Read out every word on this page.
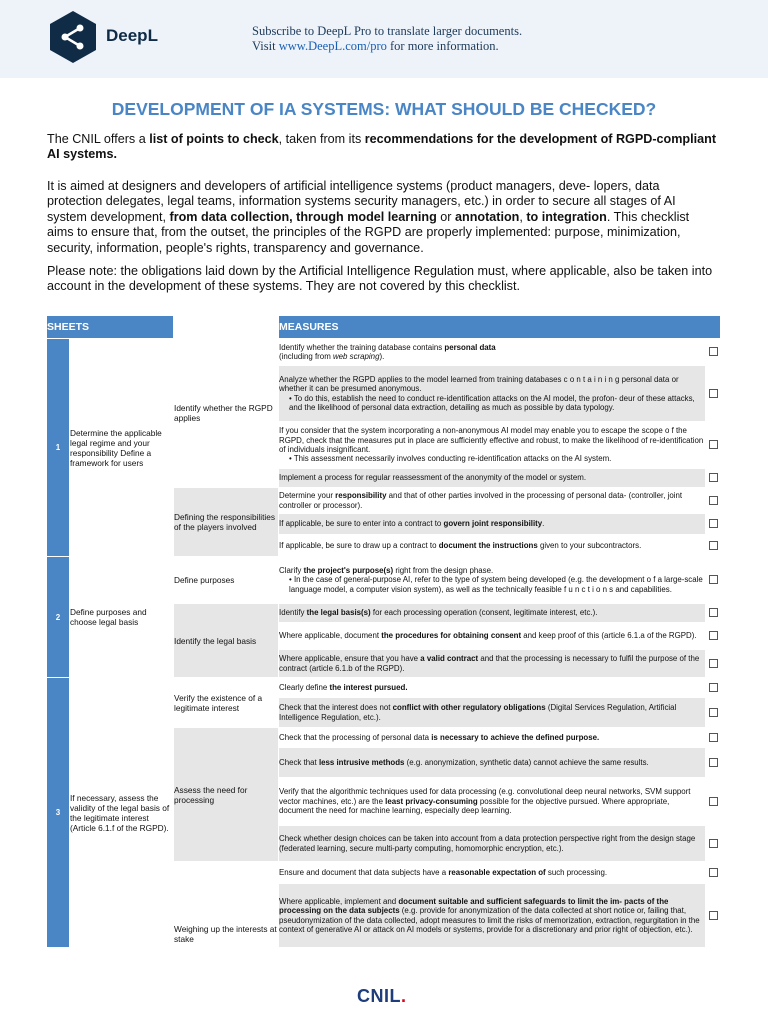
DeepL	Subscribe to DeepL Pro to translate larger documents.
Visit www.DeepL.com/pro for more information.
DEVELOPMENT OF IA SYSTEMS: WHAT SHOULD BE CHECKED?
The CNIL offers a list of points to check, taken from its recommendations for the development of RGPD-compliant AI systems.
It is aimed at designers and developers of artificial intelligence systems (product managers, deve- lopers, data protection delegates, legal teams, information systems security managers, etc.) in order to secure all stages of AI system development, from data collection, through model learning or annotation, to integration. This checklist aims to ensure that, from the outset, the principles of the RGPD are properly implemented: purpose, minimization, security, information, people's rights, transparency and governance.
Please note: the obligations laid down by the Artificial Intelligence Regulation must, where applicable, also be taken into account in the development of these systems. They are not covered by this checklist.
SHEETS			MEASURES	
1	Determine the applicable legal regime and your responsibility Define a framework for users	Identify whether the RGPD applies	Identify whether the training database contains personal data
(including from web scraping).	
			Analyze whether the RGPD applies to the model learned from training databases c o n t a i n i n g personal data or whether it can be presumed anonymous.
• To do this, establish the need to conduct re-identification attacks on the AI model, the profon- deur of these attacks, and the likelihood of personal data extraction, detailing as much as possible by data typology.	

			If you consider that the system incorporating a non-anonymous AI model may enable you to escape the scope o f the RGPD, check that the measures put in place are sufficiently effective and robust, to make the likelihood of re-identification of individuals insignificant.
• This assessment necessarily involves conducting re-identification attacks on the AI system.	

			Implement a process for regular reassessment of the anonymity of the model or system.	
		Defining the responsibilities of the players involved	Determine your responsibility and that of other parties involved in the processing of personal data- (controller, joint controller or processor).	
			If applicable, be sure to enter into a contract to govern joint responsibility.	
			If applicable, be sure to draw up a contract to document the instructions given to your subcontractors.	
2	Define purposes and choose legal basis	Define purposes	Clarify the project's purpose(s) right from the design phase.
• In the case of general-purpose AI, refer to the type of system being developed (e.g. the development o f a large-scale language model, a computer vision system), as well as the technically feasible f u n c t i o n s and capabilities.	

		Identify the legal basis	Identify the legal basis(s) for each processing operation (consent, legitimate interest, etc.).	
			Where applicable, document the procedures for obtaining consent and keep proof of this (article 6.1.a of the RGPD).	
			Where applicable, ensure that you have a valid contract and that the processing is necessary to fulfil the purpose of the contract (article 6.1.b of the RGPD).	
3	If necessary, assess the validity of the legal basis of the legitimate interest (Article 6.1.f of the RGPD).	Verify the existence of a legitimate interest	Clearly define the interest pursued.	
			Check that the interest does not conflict with other regulatory obligations (Digital Services Regulation, Artificial Intelligence Regulation, etc.).	
		Assess the need for processing	Check that the processing of personal data is necessary to achieve the defined purpose.	
			Check that less intrusive methods (e.g. anonymization, synthetic data) cannot achieve the same results.	
			Verify that the algorithmic techniques used for data processing (e.g. convolutional deep neural networks, SVM support vector machines, etc.) are the least privacy-consuming possible for the objective pursued. Where appropriate, document the need for machine learning, especially deep learning.	
			Check whether design choices can be taken into account from a data protection perspective right from the design stage (federated learning, secure multi-party computing, homomorphic encryption, etc.).	
		Weighing up the interests at stake	Ensure and document that data subjects have a reasonable expectation of such processing.	
			Where applicable, implement and document suitable and sufficient safeguards to limit the im- pacts of the processing on the data subjects (e.g. provide for anonymization of the data collected at short notice or, failing that, pseudonymization of the data collected, adopt measures to limit the risks of memorization, extraction, regurgitation in the context of generative AI or attack on AI models or systems, provide for a discretionary and prior right of objection, etc.).	
CNIL.
